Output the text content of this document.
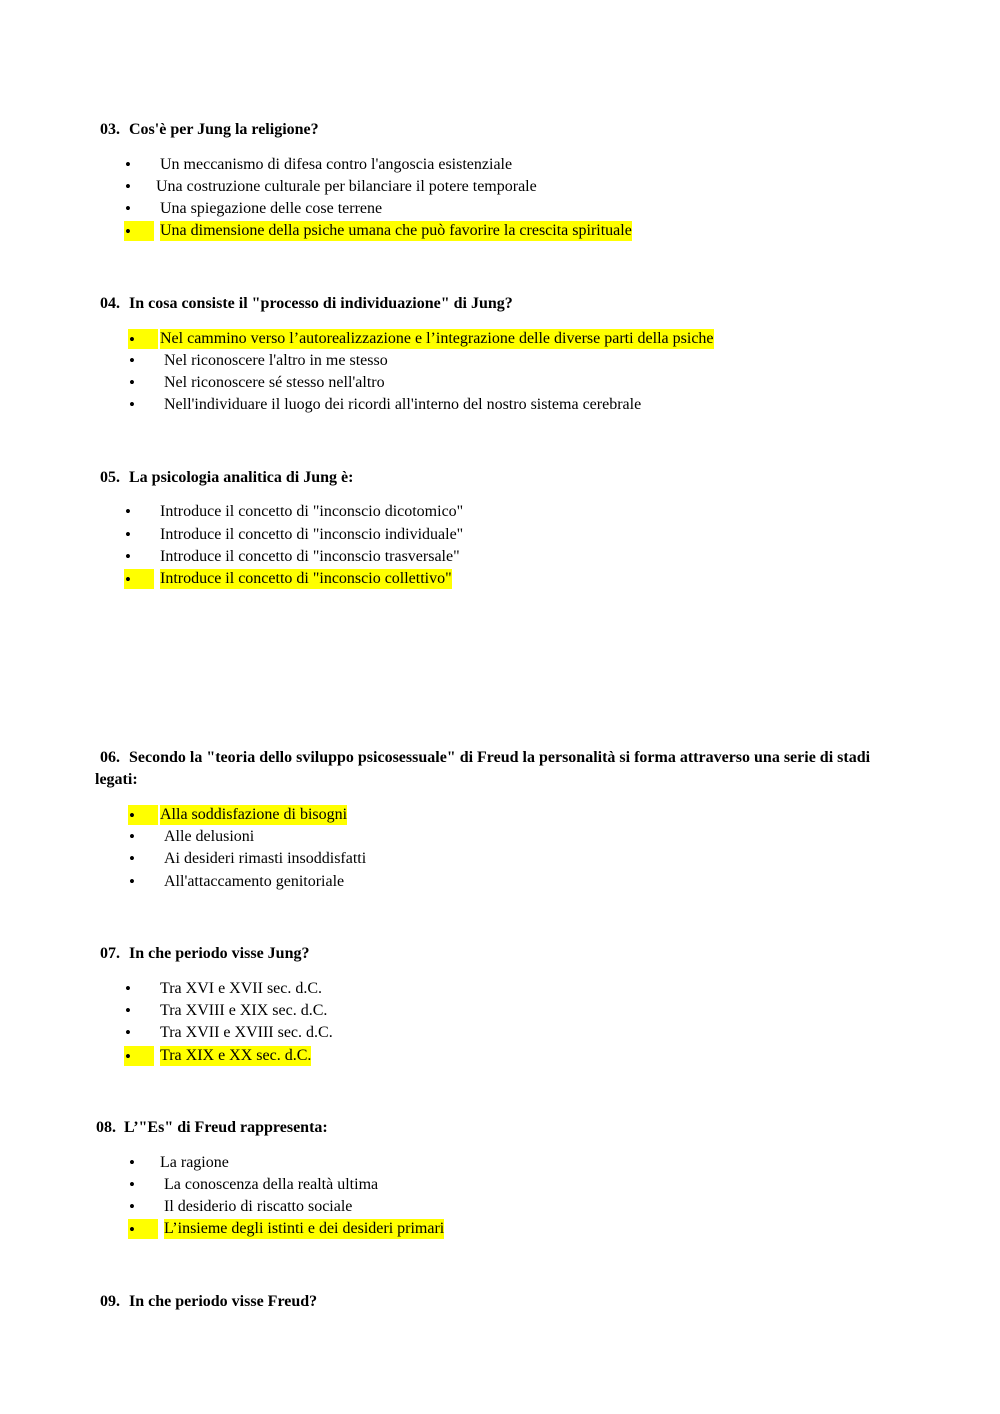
03. Cos'è per Jung la religione?
Un meccanismo di difesa contro l'angoscia esistenziale
Una costruzione culturale per bilanciare il potere temporale
Una spiegazione delle cose terrene
•
Una dimensione della psiche umana che può favorire la crescita spirituale
04. In cosa consiste il "processo di individuazione" di Jung?
•
Nel cammino verso l’autorealizzazione e l’integrazione delle diverse parti della psiche
Nel riconoscere l'altro in me stesso
Nel riconoscere sé stesso nell'altro
Nell'individuare il luogo dei ricordi all'interno del nostro sistema cerebrale
05. La psicologia analitica di Jung è:
Introduce il concetto di "inconscio dicotomico"
Introduce il concetto di "inconscio individuale"
Introduce il concetto di "inconscio trasversale"
•
Introduce il concetto di "inconscio collettivo"
06. Secondo la "teoria dello sviluppo psicosessuale" di Freud la personalità si forma attraverso una serie di stadi legati:
•
Alla soddisfazione di bisogni
Alle delusioni
Ai desideri rimasti insoddisfatti
All'attaccamento genitoriale
07. In che periodo visse Jung?
Tra XVI e XVII sec. d.C.
Tra XVIII e XIX sec. d.C.
Tra XVII e XVIII sec. d.C.
•
Tra XIX e XX sec. d.C.
08. L’"Es" di Freud rappresenta:
La ragione
La conoscenza della realtà ultima
Il desiderio di riscatto sociale
•
L’insieme degli istinti e dei desideri primari
09. In che periodo visse Freud?
